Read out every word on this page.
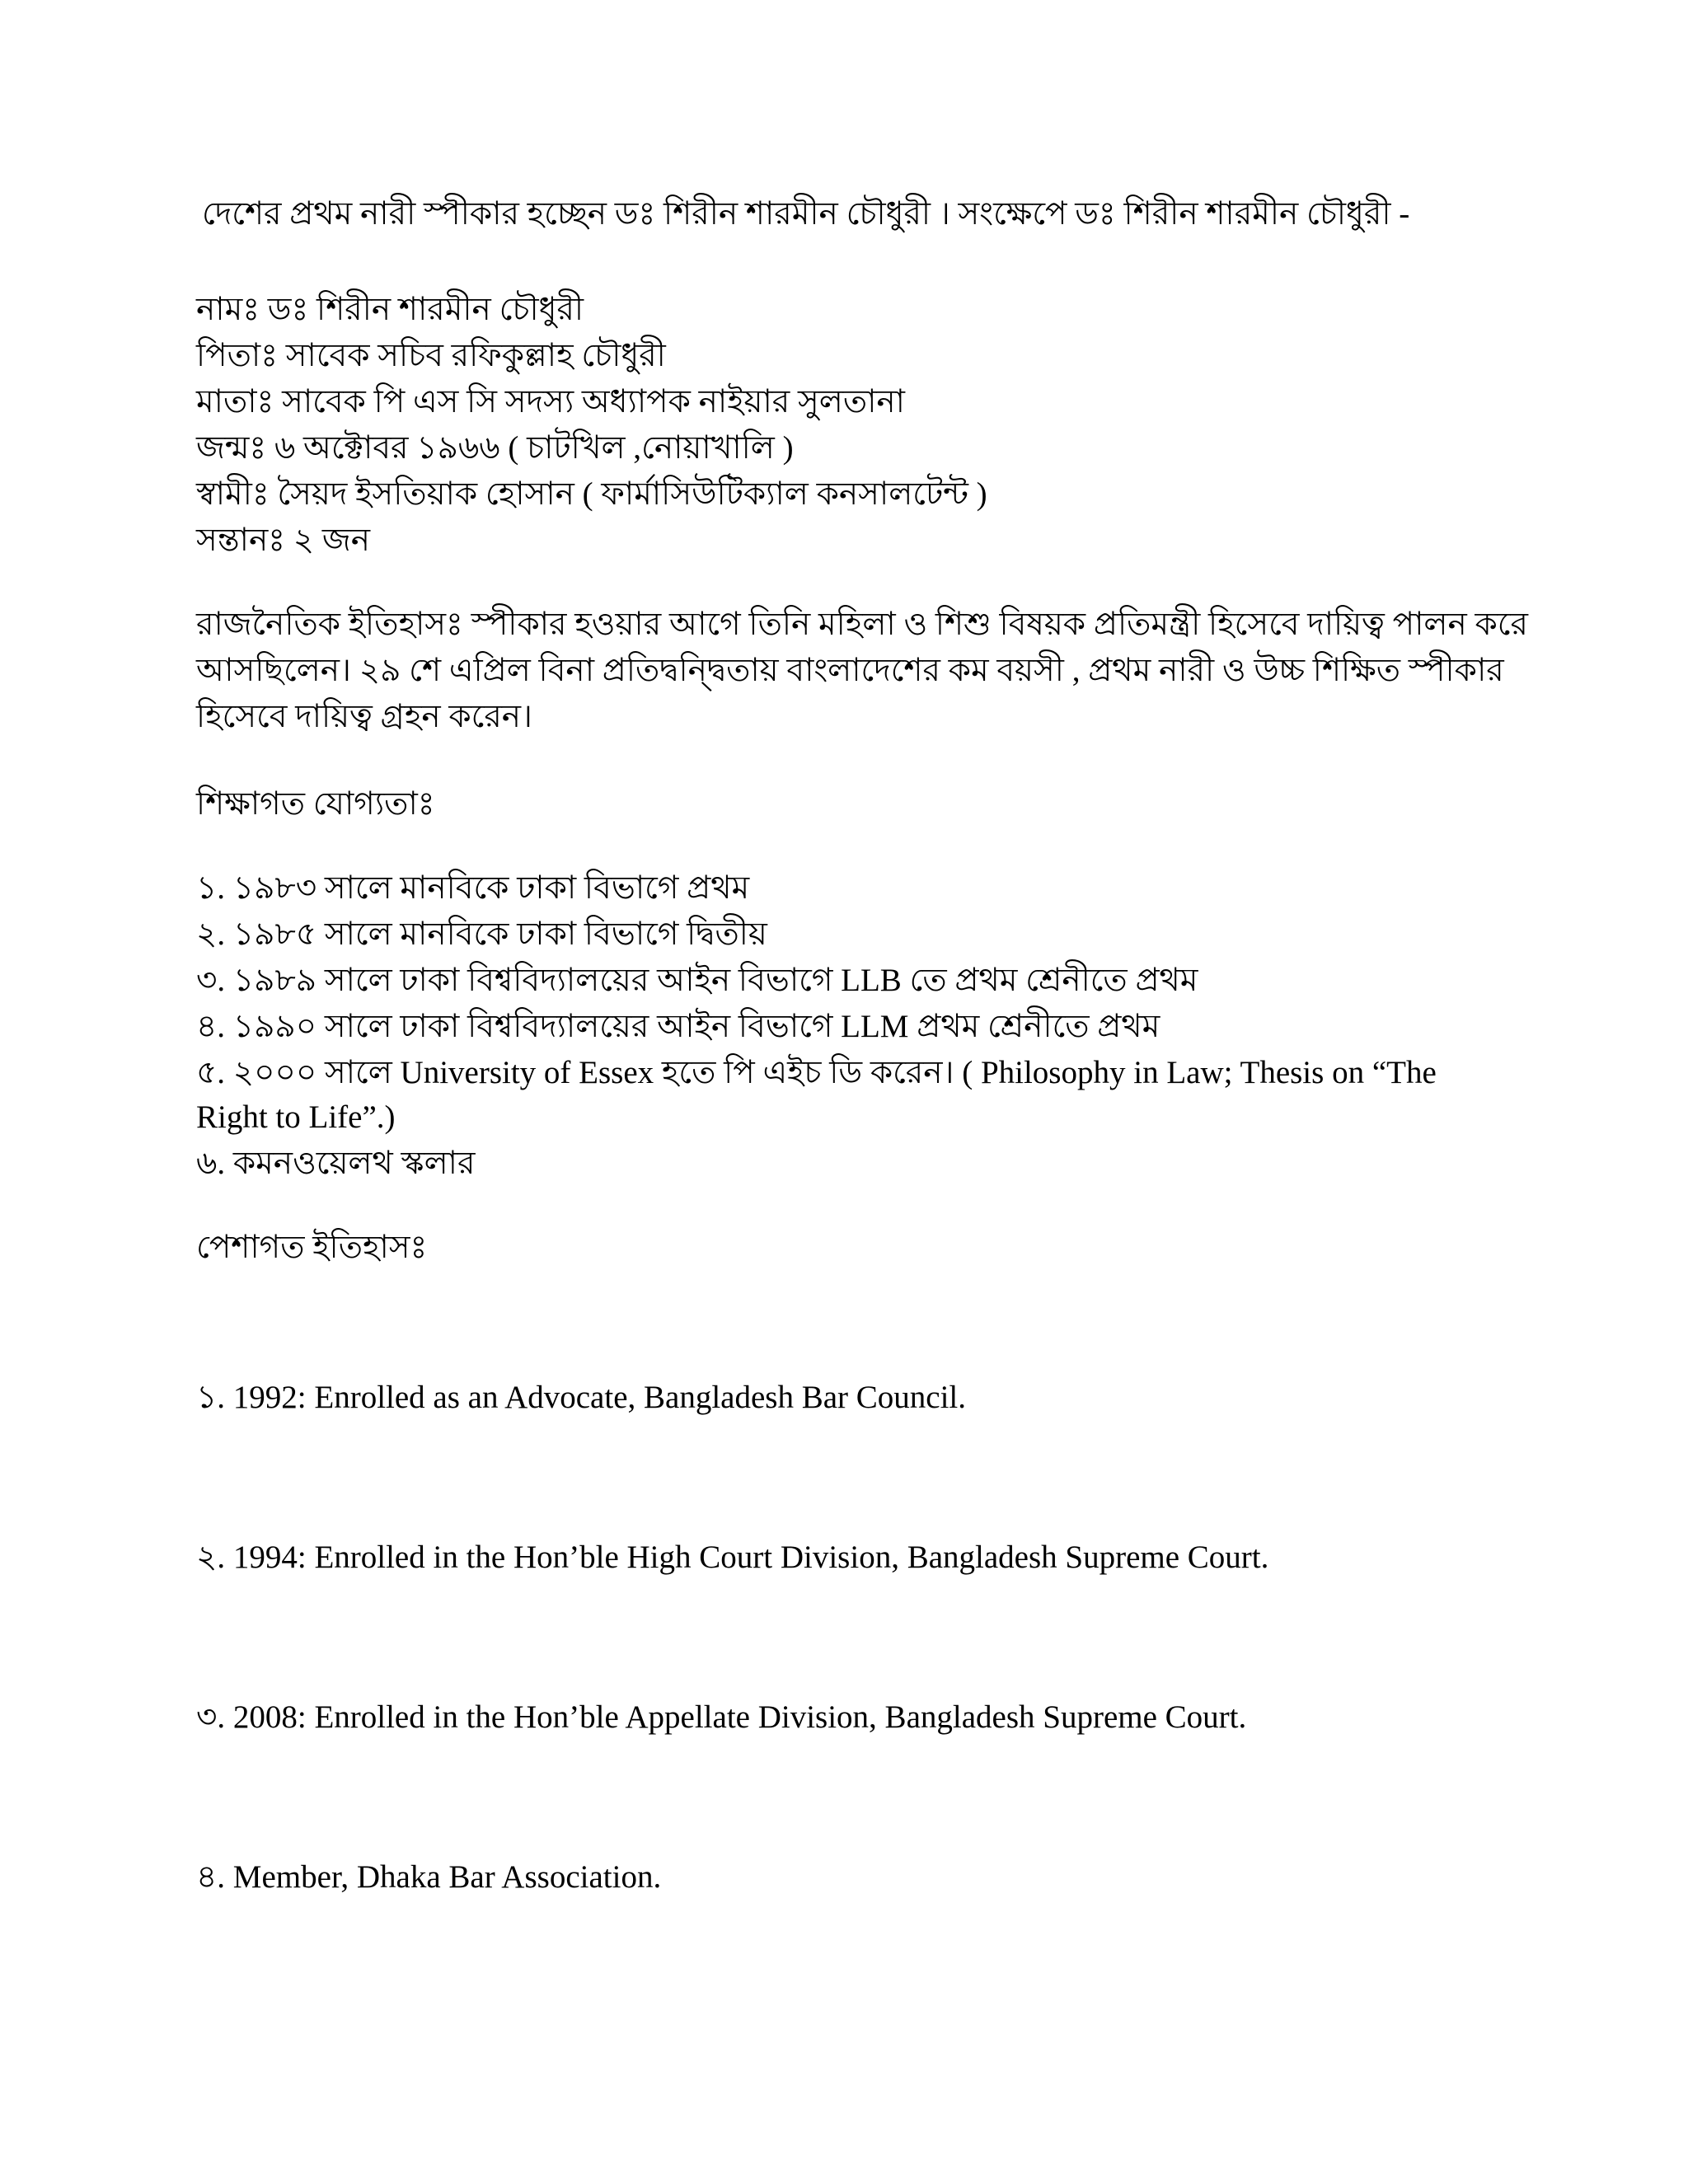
দেশের প্রথম নারী স্পীকার হচ্ছেন ডঃ শিরীন শারমীন চৌধুরী । সংক্ষেপে ডঃ শিরীন শারমীন চৌধুরী -

নামঃ ডঃ শিরীন শারমীন চৌধুরী

পিতাঃ সাবেক সচিব রফিকুল্লাহ চৌধুরী

মাতাঃ সাবেক পি এস সি সদস্য অধ্যাপক নাইয়ার সুলতানা

জন্মঃ ৬ অক্টোবর ১৯৬৬ ( চাটখিল ,নোয়াখালি )

স্বামীঃ সৈয়দ ইসতিয়াক হোসান ( ফার্মাসিউটিক্যাল কনসালটেন্ট )

সন্তানঃ ২ জন

রাজনৈতিক ইতিহাসঃ স্পীকার হওয়ার আগে তিনি মহিলা ও শিশু বিষয়ক প্রতিমন্ত্রী হিসেবে দায়িত্ব পালন করে

আসছিলেন। ২৯ শে এপ্রিল বিনা প্রতিদ্বন্দ্বিতায় বাংলাদেশের কম বয়সী , প্রথম নারী ও উচ্চ শিক্ষিত স্পীকার

হিসেবে দায়িত্ব গ্রহন করেন।

শিক্ষাগত যোগ্যতাঃ

১. ১৯৮৩ সালে মানবিকে ঢাকা বিভাগে প্রথম

২. ১৯৮৫ সালে মানবিকে ঢাকা বিভাগে দ্বিতীয়

৩. ১৯৮৯ সালে ঢাকা বিশ্ববিদ্যালয়ের আইন বিভাগে LLB তে প্রথম শ্রেনীতে প্রথম

৪. ১৯৯০ সালে ঢাকা বিশ্ববিদ্যালয়ের আইন বিভাগে LLM প্রথম শ্রেনীতে প্রথম

৫. ২০০০ সালে University of Essex হতে পি এইচ ডি করেন। ( Philosophy in Law; Thesis on “The

Right to Life”.)

৬. কমনওয়েলথ স্কলার

পেশাগত ইতিহাসঃ

১. 1992: Enrolled as an Advocate, Bangladesh Bar Council.

২. 1994: Enrolled in the Hon’ble High Court Division, Bangladesh Supreme Court.

৩. 2008: Enrolled in the Hon’ble Appellate Division, Bangladesh Supreme Court.

৪. Member, Dhaka Bar Association.
